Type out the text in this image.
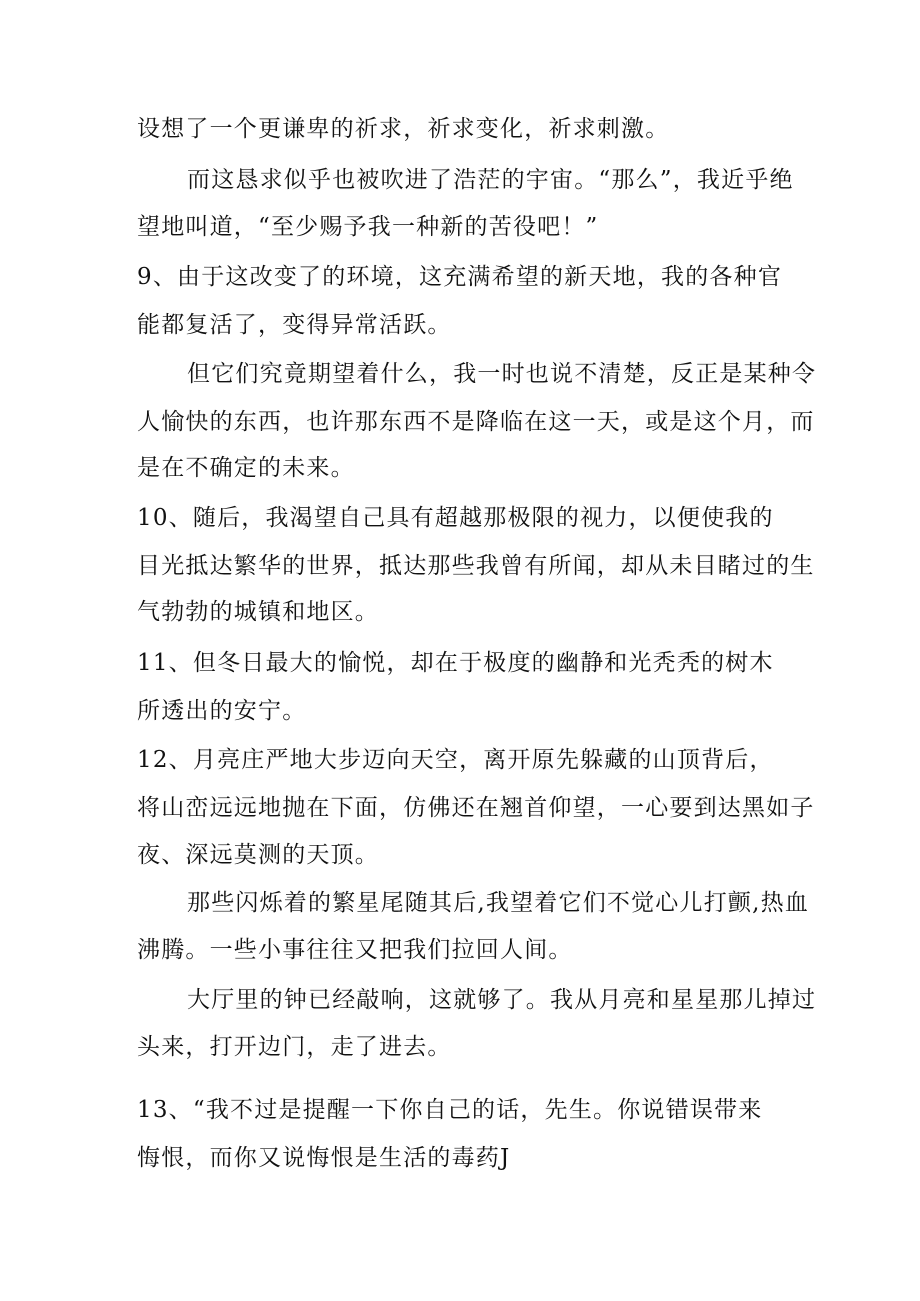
设想了一个更谦卑的祈求，祈求变化，祈求刺激。
而这恳求似乎也被吹进了浩茫的宇宙。“那么”，我近乎绝
望地叫道，“至少赐予我一种新的苦役吧！”
9、由于这改变了的环境，这充满希望的新天地，我的各种官
能都复活了，变得异常活跃。
但它们究竟期望着什么，我一时也说不清楚，反正是某种令
人愉快的东西，也许那东西不是降临在这一天，或是这个月，而
是在不确定的未来。
10、随后，我渴望自己具有超越那极限的视力，以便使我的
目光抵达繁华的世界，抵达那些我曾有所闻，却从未目睹过的生
气勃勃的城镇和地区。
11、但冬日最大的愉悦，却在于极度的幽静和光秃秃的树木
所透出的安宁。
12、月亮庄严地大步迈向天空，离开原先躲藏的山顶背后，
将山峦远远地抛在下面，仿佛还在翘首仰望，一心要到达黑如子
夜、深远莫测的天顶。
那些闪烁着的繁星尾随其后,我望着它们不觉心儿打颤,热血
沸腾。一些小事往往又把我们拉回人间。
大厅里的钟已经敲响，这就够了。我从月亮和星星那儿掉过
头来，打开边门，走了进去。
13、“我不过是提醒一下你自己的话，先生。你说错误带来
悔恨，而你又说悔恨是生活的毒药J
